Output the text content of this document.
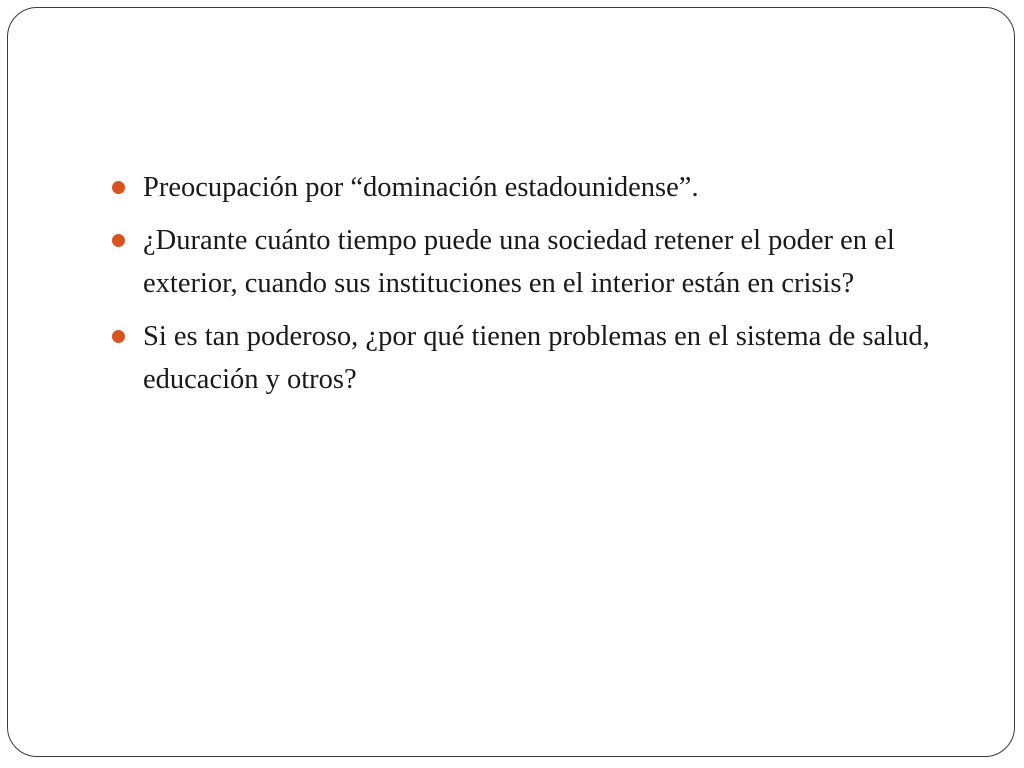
Preocupación por “dominación estadounidense”.
¿Durante cuánto tiempo puede una sociedad retener el poder en el exterior, cuando sus instituciones en el interior están en crisis?
Si es tan poderoso, ¿por qué tienen problemas en el sistema de salud, educación y otros?
